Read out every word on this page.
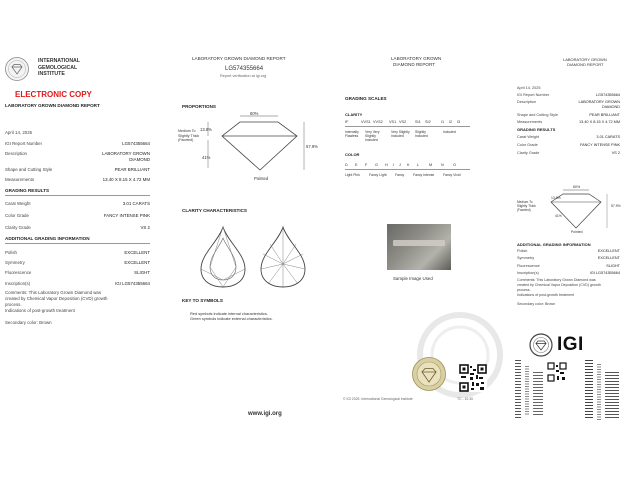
INTERNATIONAL
GEMOLOGICAL
INSTITUTE
ELECTRONIC COPY
LABORATORY GROWN DIAMOND REPORT
April 14, 2025
IGI Report Number	LG574355664
Description	LABORATORY GROWN
DIAMOND
Shape and Cutting Style	PEAR BRILLIANT
Measurements	13.40 X 8.15 X 4.72 MM
GRADING RESULTS
Carat Weight	3.01 CARATS
Color Grade	FANCY INTENSE PINK
Clarity Grade	VS 2
ADDITIONAL GRADING INFORMATION
Polish	EXCELLENT
Symmetry	EXCELLENT
Fluorescence	SLIGHT
Inscription(s)	IGI LG574355664
Comments: This Laboratory Grown Diamond was
created by Chemical Vapor Deposition (CVD) growth
process.
Indications of post-growth treatment
Secondary color: Brown
LABORATORY GROWN DIAMOND REPORT
LG574355664
Report verification at igi.org
PROPORTIONS
60%
13.8%
41%
57.9%
Medium To
Slightly Thick
(Faceted)
Pointed
CLARITY CHARACTERISTICS
KEY TO SYMBOLS
Red symbols indicate internal characteristics.
Green symbols indicate external characteristics.
www.igi.org
LABORATORY GROWN
DIAMOND REPORT
GRADING SCALES
CLARITY
IF	VVS1 VVS2 VS1 VS2 SI1 SI2	I1 I2 I3
Internally Flawless
Very Very Slightly Included
Very Slightly Included
Slightly Included
Included
COLOR
D E F G H I J K L	M N O
Light Pink	Fancy Light Fancy	Fancy Intense	Fancy Vivid
Sample Image Used
© IGI 2025, International Gemological Institute	TC - 10.30
LABORATORY GROWN
DIAMOND REPORT
April 14, 2025
IGI Report Number	LG574355664
Description	LABORATORY GROWN
DIAMOND
Shape and Cutting Style	PEAR BRILLIANT
Measurements	13.40 X 8.15 X 4.72 MM
GRADING RESULTS
Carat Weight	3.01 CARATS
Color Grade	FANCY INTENSE PINK
Clarity Grade	VS 2
60%
13.8%
41%
57.9%
Medium To
Slightly Thick
(Faceted)
Pointed
ADDITIONAL GRADING INFORMATION
Polish	EXCELLENT
Symmetry	EXCELLENT
Fluorescence	SLIGHT
Inscription(s)	IGI LG574355664
Comments: This Laboratory Grown Diamond was
created by Chemical Vapor Deposition (CVD) growth
process.
Indications of post-growth treatment
Secondary color: Brown
IGI
